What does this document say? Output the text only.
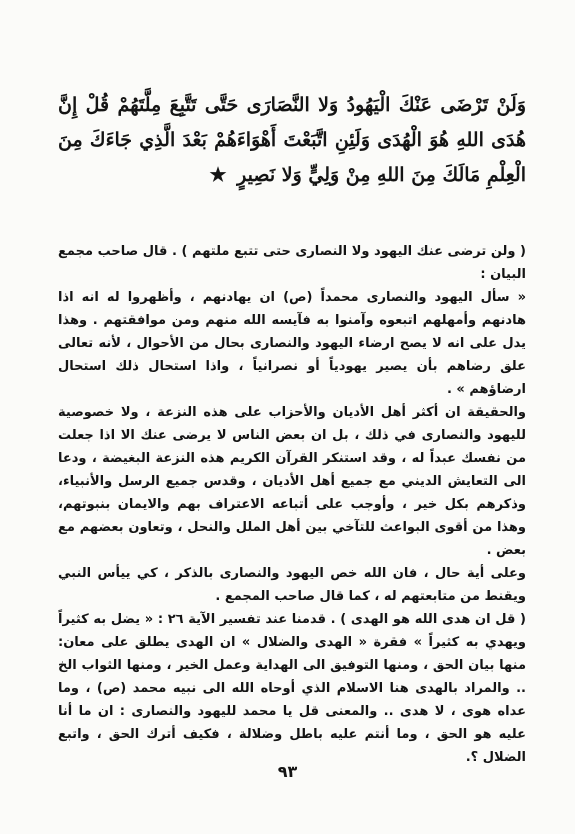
وَلَنْ تَرْضَى عَنْكَ الْيَهُودُ وَلا النَّصَارَى حَتَّى تَتَّبِعَ مِلَّتَهُمْ قُلْ إِنَّ هُدَى اللهِ هُوَ الْهُدَى وَلَئِنِ اتَّبَعْتَ أَهْوَاءَهُمْ بَعْدَ الَّذِي جَاءَكَ مِنَ الْعِلْمِ مَالَكَ مِنَ اللهِ مِنْ وَلِيٍّ وَلا نَصِيرٍ ★

( ولن ترضى عنك اليهود ولا النصارى حتى تتبع ملتهم ) . قال صاحب مجمع البيان :

« سأل اليهود والنصارى محمداً (ص) ان يهادنهم ، وأظهروا له انه اذا هادنهم وأمهلهم اتبعوه وآمنوا به فآيسه الله منهم ومن موافقتهم . وهذا يدل على انه لا يصح ارضاء اليهود والنصارى بحال من الأحوال ، لأنه تعالى علق رضاهم بأن يصير يهودياً أو نصرانياً ، واذا استحال ذلك استحال ارضاؤهم » .

والحقيقة ان أكثر أهل الأديان والأحزاب على هذه النزعة ، ولا خصوصية لليهود والنصارى في ذلك ، بل ان بعض الناس لا يرضى عنك الا اذا جعلت من نفسك عبداً له ، وقد استنكر القرآن الكريم هذه النزعة البغيضة ، ودعا الى التعايش الديني مع جميع أهل الأديان ، وقدس جميع الرسل والأنبياء، وذكرهم بكل خير ، وأوجب على أتباعه الاعتراف بهم والايمان بنبوتهم، وهذا من أقوى البواعث للتآخي بين أهل الملل والنحل ، وتعاون بعضهم مع بعض .

وعلى أية حال ، فان الله خص اليهود والنصارى بالذكر ، كي ييأس النبي ويقنط من متابعتهم له ، كما قال صاحب المجمع .

( قل ان هدى الله هو الهدى ) . قدمنا عند تفسير الآية ٢٦ : « يضل به كثيراً ويهدي به كثيراً » فقرة « الهدى والضلال » ان الهدى يطلق على معان: منها بيان الحق ، ومنها التوفيق الى الهداية وعمل الخير ، ومنها الثواب الخ .. والمراد بالهدى هنا الاسلام الذي أوحاه الله الى نبيه محمد (ص) ، وما عداه هوى ، لا هدى .. والمعنى قل يا محمد لليهود والنصارى : ان ما أنا عليه هو الحق ، وما أنتم عليه باطل وضلالة ، فكيف أترك الحق ، واتبع الضلال ؟.

٩٣
